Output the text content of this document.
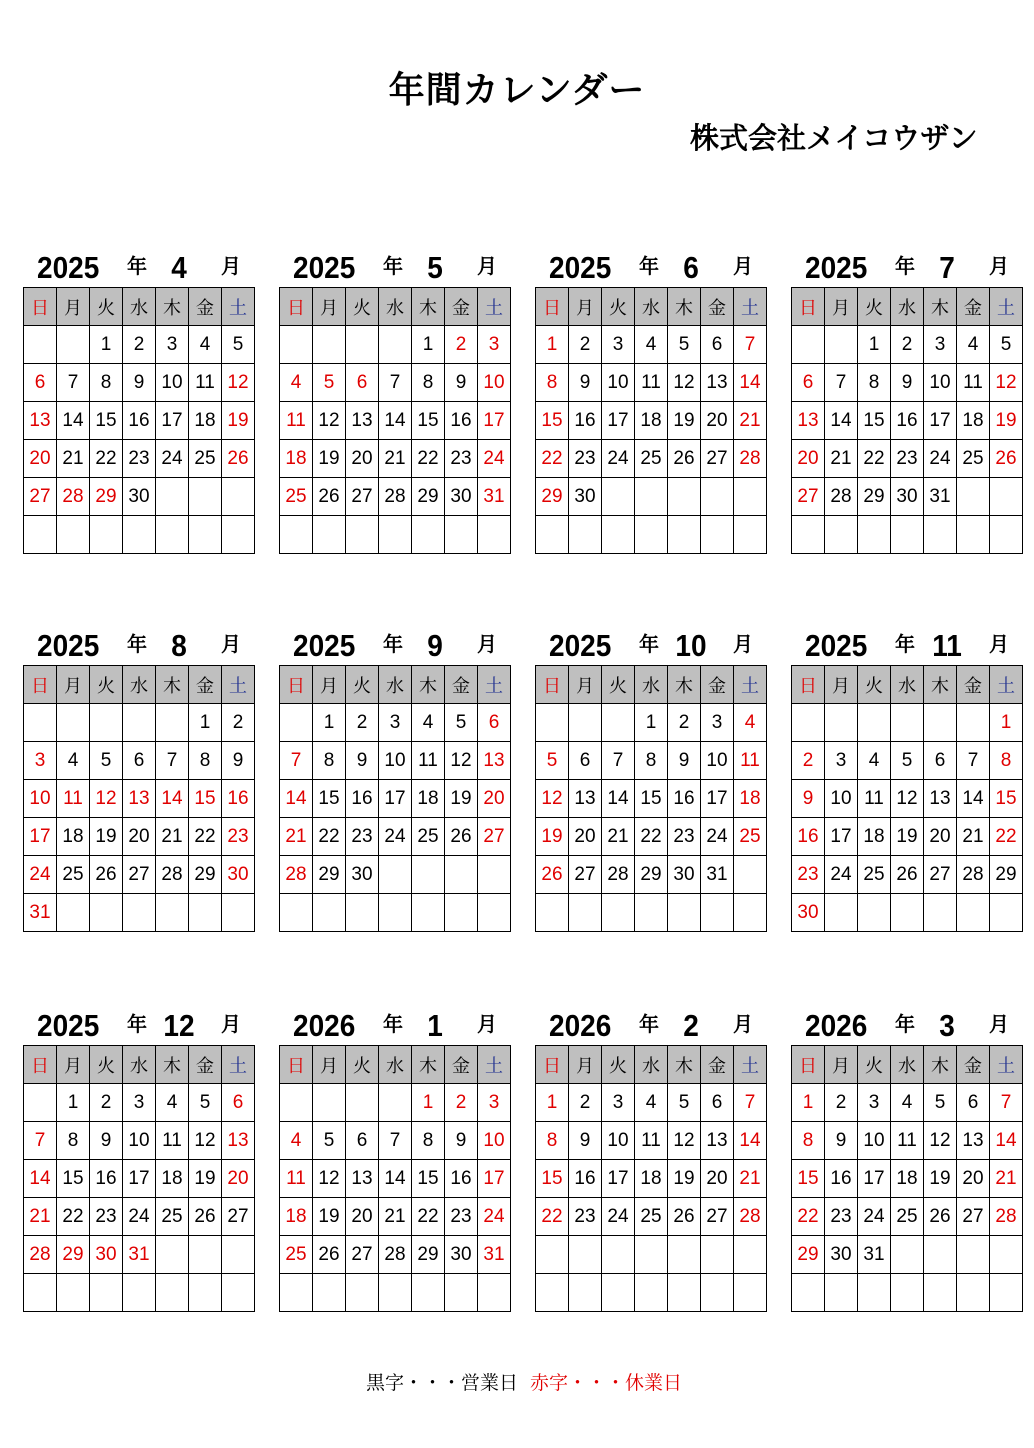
年間カレンダー
株式会社メイコウザン
2025 年 4	月
日	月	火	水	木	金	土
		1	2	3	4	5
6	7	8	9	10	11	12
13	14	15	16	17	18	19
20	21	22	23	24	25	26
27	28	29	30			

2025 年 5	月
日	月	火	水	木	金	土
				1	2	3
4	5	6	7	8	9	10
11	12	13	14	15	16	17
18	19	20	21	22	23	24
25	26	27	28	29	30	31

2025 年 6	月
日	月	火	水	木	金	土
1	2	3	4	5	6	7
8	9	10	11	12	13	14
15	16	17	18	19	20	21
22	23	24	25	26	27	28
29	30					

2025 年 7	月
日	月	火	水	木	金	土
		1	2	3	4	5
6	7	8	9	10	11	12
13	14	15	16	17	18	19
20	21	22	23	24	25	26
27	28	29	30	31		

2025 年 8	月
日	月	火	水	木	金	土
					1	2
3	4	5	6	7	8	9
10	11	12	13	14	15	16
17	18	19	20	21	22	23
24	25	26	27	28	29	30
31						
2025 年 9	月
日	月	火	水	木	金	土
	1	2	3	4	5	6
7	8	9	10	11	12	13
14	15	16	17	18	19	20
21	22	23	24	25	26	27
28	29	30				

2025 年 10	月
日	月	火	水	木	金	土
			1	2	3	4
5	6	7	8	9	10	11
12	13	14	15	16	17	18
19	20	21	22	23	24	25
26	27	28	29	30	31	

2025 年 11	月
日	月	火	水	木	金	土
						1
2	3	4	5	6	7	8
9	10	11	12	13	14	15
16	17	18	19	20	21	22
23	24	25	26	27	28	29
30						
2025 年 12	月
日	月	火	水	木	金	土
	1	2	3	4	5	6
7	8	9	10	11	12	13
14	15	16	17	18	19	20
21	22	23	24	25	26	27
28	29	30	31			

2026 年 1	月
日	月	火	水	木	金	土
				1	2	3
4	5	6	7	8	9	10
11	12	13	14	15	16	17
18	19	20	21	22	23	24
25	26	27	28	29	30	31

2026 年 2	月
日	月	火	水	木	金	土
1	2	3	4	5	6	7
8	9	10	11	12	13	14
15	16	17	18	19	20	21
22	23	24	25	26	27	28

2026 年 3	月
日	月	火	水	木	金	土
1	2	3	4	5	6	7
8	9	10	11	12	13	14
15	16	17	18	19	20	21
22	23	24	25	26	27	28
29	30	31				

黒字・・・営業日 赤字・・・休業日
